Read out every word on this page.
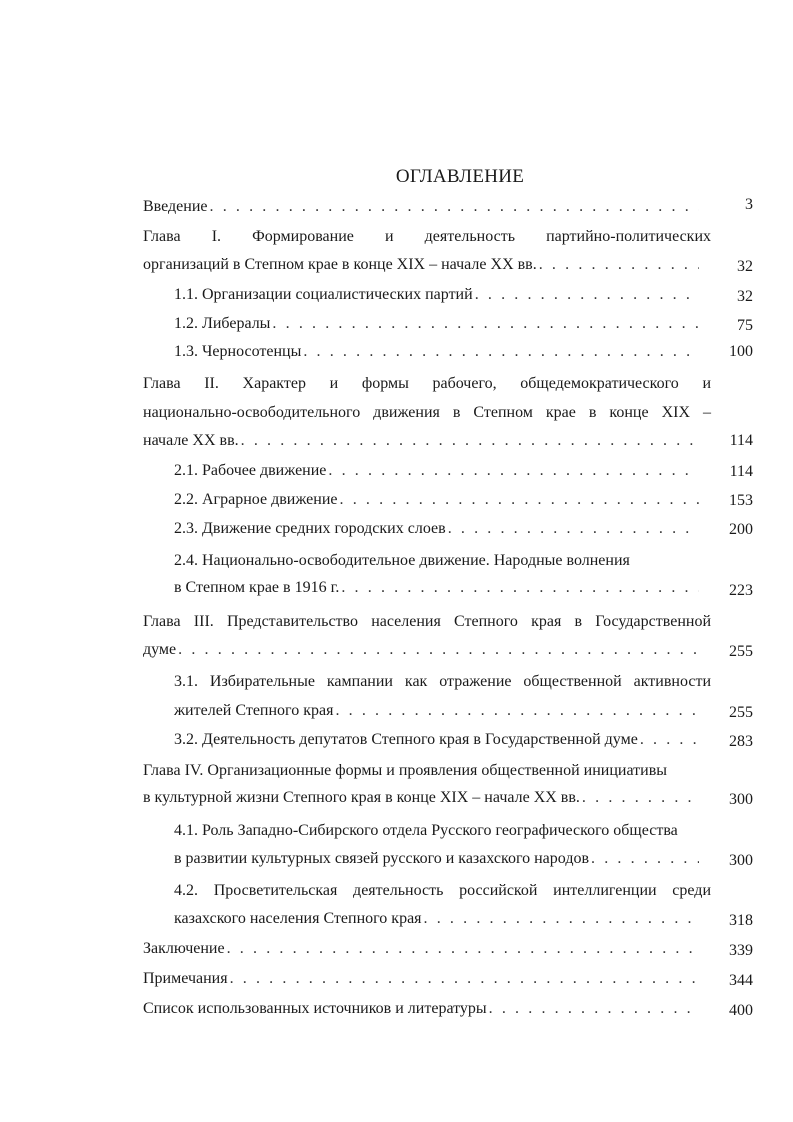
ОГЛАВЛЕНИЕ
Введение . . .	3
Глава I. Формирование и деятельность партийно-политических
организаций в Степном крае в конце XIX – начале XX вв. . . .	32
1.1. Организации социалистических партий . . .	32
1.2. Либералы . . .	75
1.3. Черносотенцы . . .	100
Глава II. Характер и формы рабочего, общедемократического и
национально-освободительного движения в Степном крае в конце XIX –
начале XX вв. . . .	114
2.1. Рабочее движение . . .	114
2.2. Аграрное движение . . .	153
2.3. Движение средних городских слоев . . .	200
2.4. Национально-освободительное движение. Народные волнения
в Степном крае в 1916 г. . . .	223
Глава III. Представительство населения Степного края в Государственной
думе . . .	255
3.1. Избирательные кампании как отражение общественной активности
жителей Степного края . . .	255
3.2. Деятельность депутатов Степного края в Государственной думе . . .	283
Глава IV. Организационные формы и проявления общественной инициативы
в культурной жизни Степного края в конце XIX – начале XX вв. . . .	300
4.1. Роль Западно-Сибирского отдела Русского географического общества
в развитии культурных связей русского и казахского народов . . .	300
4.2. Просветительская деятельность российской интеллигенции среди
казахского населения Степного края . . .	318
Заключение . . .	339
Примечания . . .	344
Список использованных источников и литературы . . .	400
